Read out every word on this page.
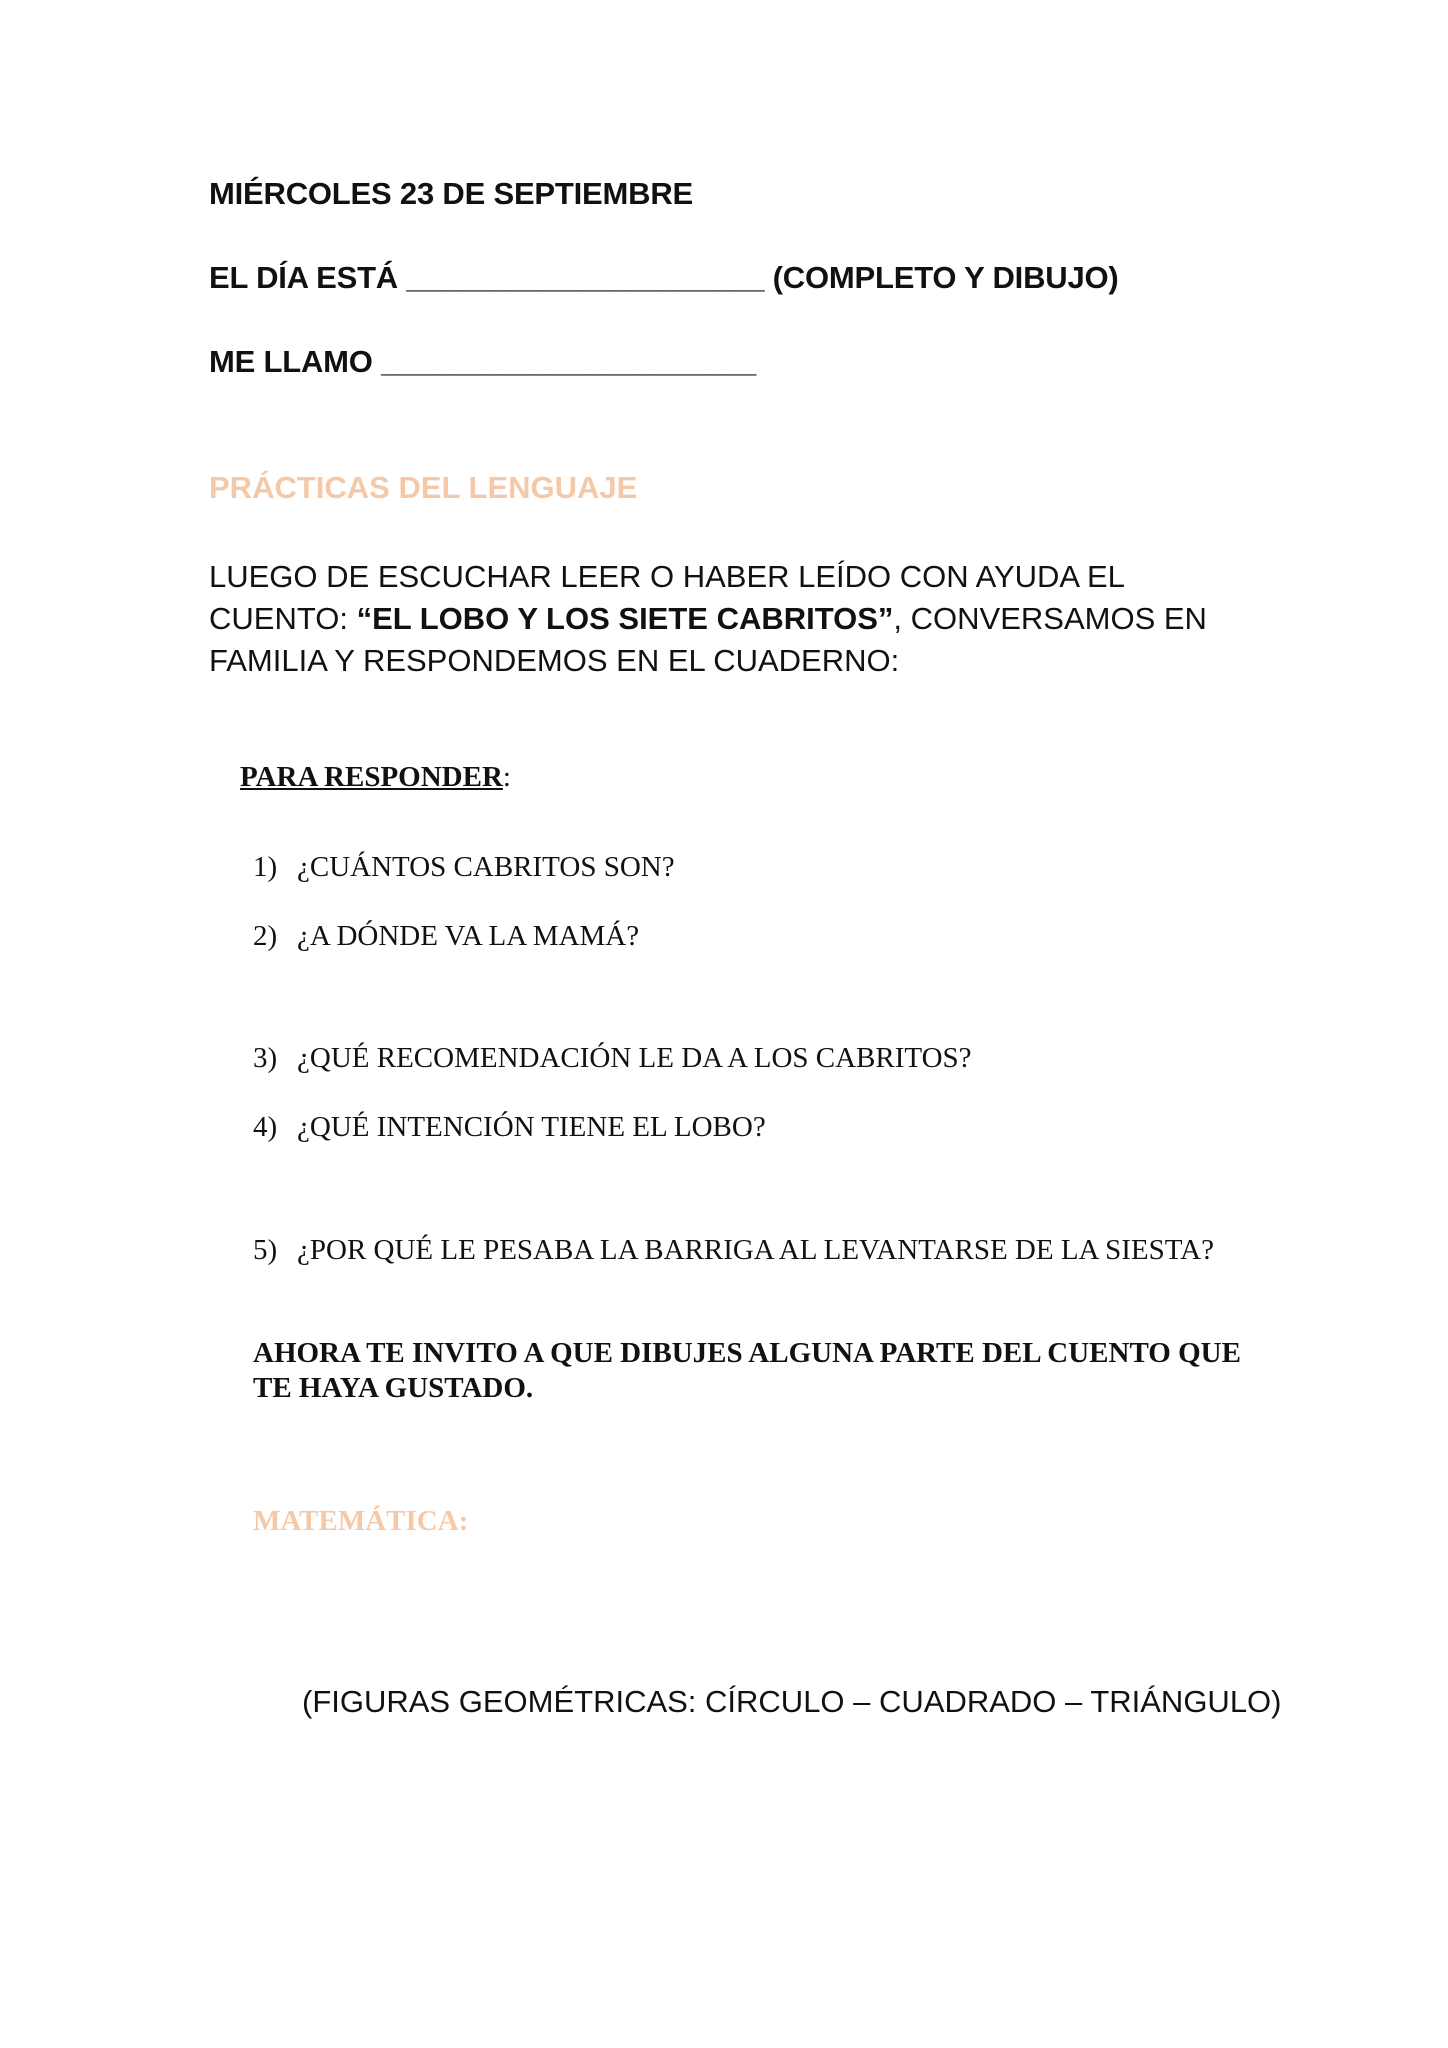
MIÉRCOLES 23 DE SEPTIEMBRE

EL DÍA ESTÁ _____________________ (COMPLETO Y DIBUJO)

ME LLAMO ______________________

PRÁCTICAS DEL LENGUAJE

LUEGO DE ESCUCHAR LEER O HABER LEÍDO CON AYUDA EL CUENTO: “EL LOBO Y LOS SIETE CABRITOS”, CONVERSAMOS EN FAMILIA Y RESPONDEMOS EN EL CUADERNO:

PARA RESPONDER:

1) ¿CUÁNTOS CABRITOS SON?

2) ¿A DÓNDE VA LA MAMÁ?

3) ¿QUÉ RECOMENDACIÓN LE DA A LOS CABRITOS?

4) ¿QUÉ INTENCIÓN TIENE EL LOBO?

5) ¿POR QUÉ LE PESABA LA BARRIGA AL LEVANTARSE DE LA SIESTA?

AHORA TE INVITO A QUE DIBUJES ALGUNA PARTE DEL CUENTO QUE TE HAYA GUSTADO.

MATEMÁTICA:

(FIGURAS GEOMÉTRICAS: CÍRCULO – CUADRADO – TRIÁNGULO)
